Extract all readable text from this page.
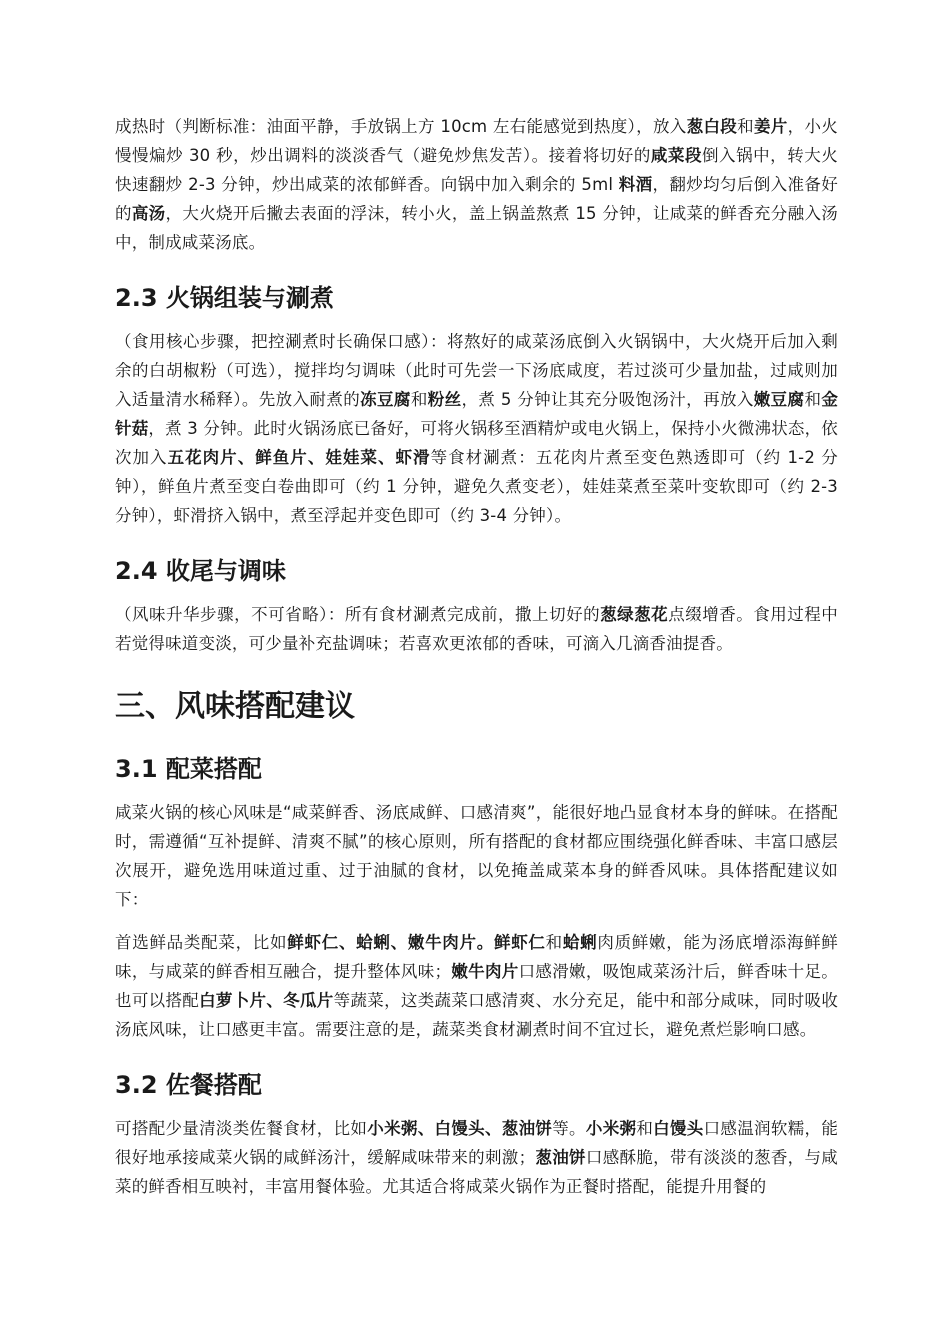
成热时（判断标准：油面平静，手放锅上方 10cm 左右能感觉到热度），放入葱白段和姜片，小火慢慢煸炒 30 秒，炒出调料的淡淡香气（避免炒焦发苦）。接着将切好的咸菜段倒入锅中，转大火快速翻炒 2-3 分钟，炒出咸菜的浓郁鲜香。向锅中加入剩余的 5ml 料酒，翻炒均匀后倒入准备好的高汤，大火烧开后撇去表面的浮沫，转小火，盖上锅盖熬煮 15 分钟，让咸菜的鲜香充分融入汤中，制成咸菜汤底。

2.3 火锅组装与涮煮

（食用核心步骤，把控涮煮时长确保口感）：将熬好的咸菜汤底倒入火锅锅中，大火烧开后加入剩余的白胡椒粉（可选），搅拌均匀调味（此时可先尝一下汤底咸度，若过淡可少量加盐，过咸则加入适量清水稀释）。先放入耐煮的冻豆腐和粉丝，煮 5 分钟让其充分吸饱汤汁，再放入嫩豆腐和金针菇，煮 3 分钟。此时火锅汤底已备好，可将火锅移至酒精炉或电火锅上，保持小火微沸状态，依次加入五花肉片、鲜鱼片、娃娃菜、虾滑等食材涮煮：五花肉片煮至变色熟透即可（约 1-2 分钟），鲜鱼片煮至变白卷曲即可（约 1 分钟，避免久煮变老），娃娃菜煮至菜叶变软即可（约 2-3 分钟），虾滑挤入锅中，煮至浮起并变色即可（约 3-4 分钟）。

2.4 收尾与调味

（风味升华步骤，不可省略）：所有食材涮煮完成前，撒上切好的葱绿葱花点缀增香。食用过程中若觉得味道变淡，可少量补充盐调味；若喜欢更浓郁的香味，可滴入几滴香油提香。

三、风味搭配建议
3.1 配菜搭配

咸菜火锅的核心风味是“咸菜鲜香、汤底咸鲜、口感清爽”，能很好地凸显食材本身的鲜味。在搭配时，需遵循“互补提鲜、清爽不腻”的核心原则，所有搭配的食材都应围绕强化鲜香味、丰富口感层次展开，避免选用味道过重、过于油腻的食材，以免掩盖咸菜本身的鲜香风味。具体搭配建议如下：

首选鲜品类配菜，比如鲜虾仁、蛤蜊、嫩牛肉片。鲜虾仁和蛤蜊肉质鲜嫩，能为汤底增添海鲜鲜味，与咸菜的鲜香相互融合，提升整体风味；嫩牛肉片口感滑嫩，吸饱咸菜汤汁后，鲜香味十足。也可以搭配白萝卜片、冬瓜片等蔬菜，这类蔬菜口感清爽、水分充足，能中和部分咸味，同时吸收汤底风味，让口感更丰富。需要注意的是，蔬菜类食材涮煮时间不宜过长，避免煮烂影响口感。

3.2 佐餐搭配

可搭配少量清淡类佐餐食材，比如小米粥、白馒头、葱油饼等。小米粥和白馒头口感温润软糯，能很好地承接咸菜火锅的咸鲜汤汁，缓解咸味带来的刺激；葱油饼口感酥脆，带有淡淡的葱香，与咸菜的鲜香相互映衬，丰富用餐体验。尤其适合将咸菜火锅作为正餐时搭配，能提升用餐的
